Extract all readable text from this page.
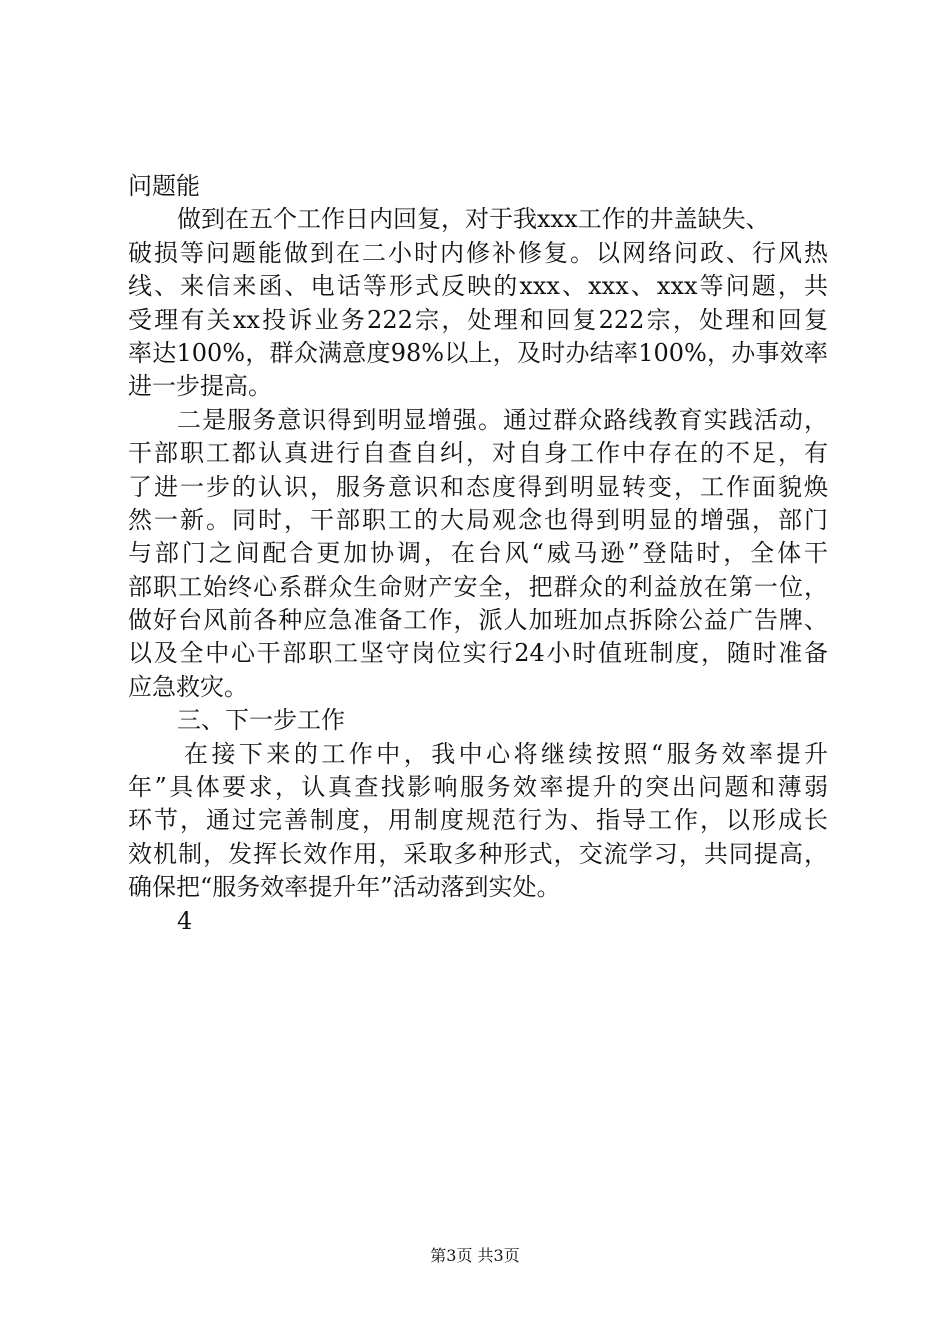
问题能
做到在五个工作日内回复，对于我xxx工作的井盖缺失、
破损等问题能做到在二小时内修补修复。以网络问政、行风热
线、来信来函、电话等形式反映的xxx、xxx、xxx等问题，共
受理有关xx投诉业务222宗，处理和回复222宗，处理和回复
率达100%，群众满意度98%以上，及时办结率100%，办事效率
进一步提高。
二是服务意识得到明显增强。通过群众路线教育实践活动，
干部职工都认真进行自查自纠，对自身工作中存在的不足，有
了进一步的认识，服务意识和态度得到明显转变，工作面貌焕
然一新。同时，干部职工的大局观念也得到明显的增强，部门
与部门之间配合更加协调，在台风“威马逊”登陆时，全体干
部职工始终心系群众生命财产安全，把群众的利益放在第一位，
做好台风前各种应急准备工作，派人加班加点拆除公益广告牌、
以及全中心干部职工坚守岗位实行24小时值班制度，随时准备
应急救灾。
三、下一步工作
在接下来的工作中，我中心将继续按照“服务效率提升
年”具体要求，认真查找影响服务效率提升的突出问题和薄弱
环节，通过完善制度，用制度规范行为、指导工作，以形成长
效机制，发挥长效作用，采取多种形式，交流学习，共同提高，
确保把“服务效率提升年”活动落到实处。
4
第3页 共3页
